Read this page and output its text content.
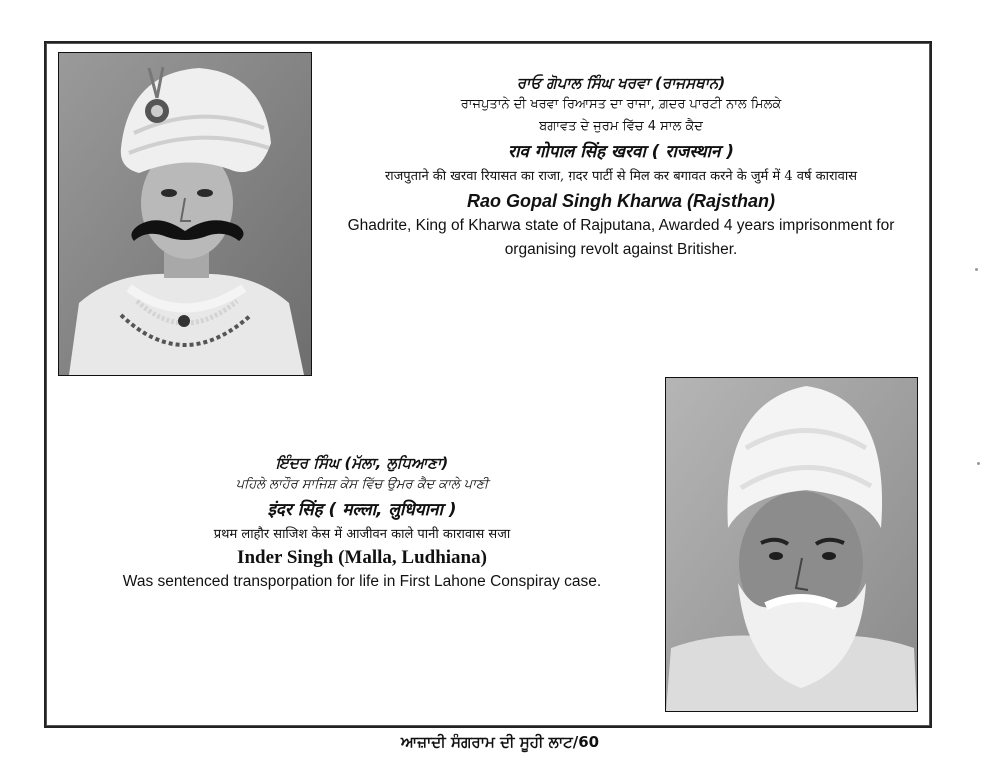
ਰਾਓ ਗੋਪਾਲ ਸਿੰਘ ਖਰਵਾ (ਰਾਜਸਥਾਨ)
ਰਾਜਪੁਤਾਨੇ ਦੀ ਖਰਵਾ ਰਿਆਸਤ ਦਾ ਰਾਜਾ, ਗ਼ਦਰ ਪਾਰਟੀ ਨਾਲ ਮਿਲਕੇ
ਬਗਾਵਤ ਦੇ ਜੁਰਮ ਵਿੱਚ 4 ਸਾਲ ਕੈਦ
राव गोपाल सिंह खरवा ( राजस्थान )
राजपुताने की खरवा रियासत का राजा, ग़दर पार्टी से मिल कर बगावत करने के जुर्म में 4 वर्ष कारावास
Rao Gopal Singh Kharwa (Rajsthan)
Ghadrite, King of Kharwa state of Rajputana, Awarded 4 years imprisonment for
organising revolt against Britisher.
ਇੰਦਰ ਸਿੰਘ (ਮੱਲਾ, ਲੁਧਿਆਣਾ)
ਪਹਿਲੇ ਲਾਹੌਰ ਸਾਜਿਸ਼ ਕੇਸ ਵਿੱਚ ਉਮਰ ਕੈਦ ਕਾਲੇ ਪਾਣੀ
इंदर सिंह ( मल्ला, लुधियाना )
प्रथम लाहौर साजिश केस में आजीवन काले पानी कारावास सजा
Inder Singh (Malla, Ludhiana)
Was sentenced transporpation for life in First Lahone Conspiray case.
ਆਜ਼ਾਦੀ ਸੰਗਰਾਮ ਦੀ ਸੂਹੀ ਲਾਟ/60
